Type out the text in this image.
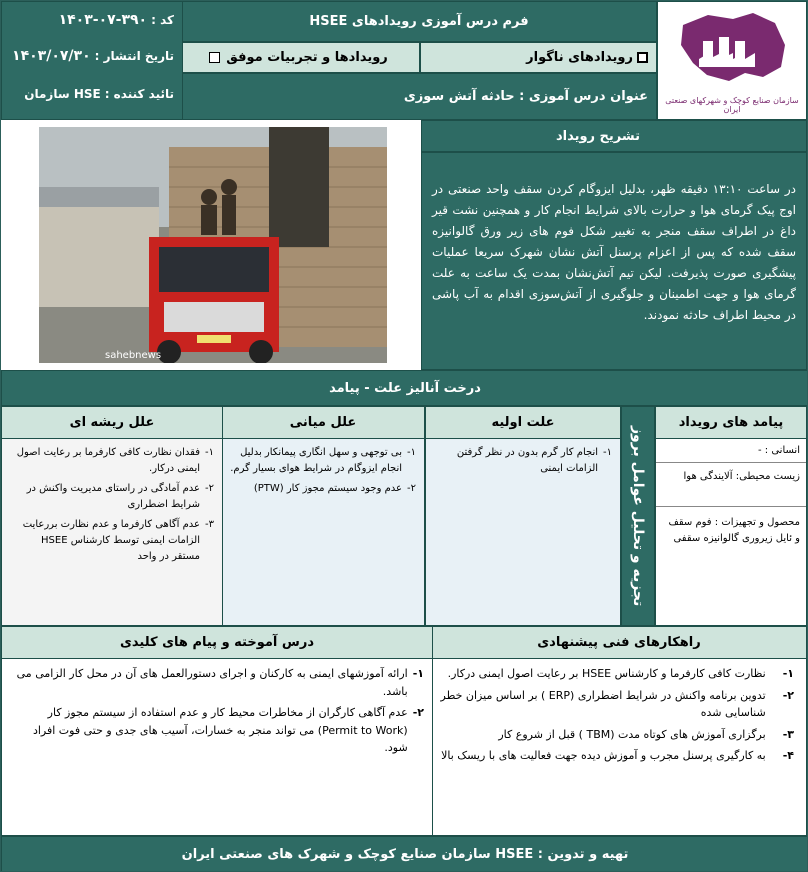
سازمان صنایع کوچک و شهرکهای صنعتی ایران
فرم درس آموزی رویدادهای HSEE
رویدادهای ناگوار
رویدادها و تجربیات موفق
عنوان درس آموزی : حادثه آتش سوزی
کد :
۱۴۰۳-۰۷-۳۹۰
تاریخ انتشار :
۱۴۰۳/۰۷/۳۰
تائید کننده :
HSE سازمان
تشریح رویداد
در ساعت ۱۳:۱۰ دقیقه ظهر، بدلیل ایزوگام کردن سقف واحد صنعتی در اوج پیک گرمای هوا و حرارت بالای شرایط انجام کار و همچنین نشت قیر داغ در اطراف سقف منجر به تغییر شکل فوم های زیر ورق گالوانیزه سقف شده که پس از اعزام پرسنل آتش نشان شهرک سریعا عملیات پیشگیری صورت پذیرفت. لیکن تیم آتش‌نشان بمدت یک ساعت به علت گرمای هوا و جهت اطمینان و جلوگیری از آتش‌سوزی اقدام به آب پاشی در محیط اطراف حادثه نمودند.
sahebnews
درخت آنالیز علت - پیامد
پیامد های رویداد
انسانی : -
زیست محیطی: آلایندگی هوا
محصول و تجهیزات : فوم سقف و ئایل زیروری گالوانیزه سقفی
تجزیه و تحلیل عوامل بروز
علت اولیه
۱-
انجام کار گرم بدون در نظر گرفتن الزامات ایمنی
علل میانی
۱-
بی توجهی و سهل انگاری پیمانکار بدلیل انجام ایزوگام در شرایط هوای بسیار گرم.
۲-
عدم وجود سیستم مجوز کار (PTW)
علل ریشه ای
۱-
فقدان نظارت کافی کارفرما بر رعایت اصول ایمنی درکار.
۲-
عدم آمادگی در راستای مدیریت واکنش در شرایط اضطراری
۳-
عدم آگاهی کارفرما و عدم نظارت بررعایت الزامات ایمنی توسط کارشناس HSEE مستقر در واحد
راهکارهای فنی پیشنهادی
۱-
نظارت کافی کارفرما و کارشناس HSEE بر رعایت اصول ایمنی درکار.
۲-
تدوین برنامه واکنش در شرایط اضطراری (ERP ) بر اساس میزان خطر شناسایی شده
۳-
برگزاری آموزش های کوتاه مدت (TBM ) قبل از شروع کار
۴-
به کارگیری پرسنل مجرب و آموزش دیده جهت فعالیت های با ریسک بالا
درس آموخته و پیام های کلیدی
۱-
ارائه آموزشهای ایمنی به کارکنان و اجرای دستورالعمل های آن در محل کار الزامی می باشد.
۲-
عدم آگاهی کارگران از مخاطرات محیط کار و عدم استفاده از سیستم مجوز کار (Permit to Work) می تواند منجر به خسارات، آسیب های جدی و حتی فوت افراد شود.
تهیه و تدوین : HSEE سازمان صنایع کوچک و شهرک های صنعتی ایران
